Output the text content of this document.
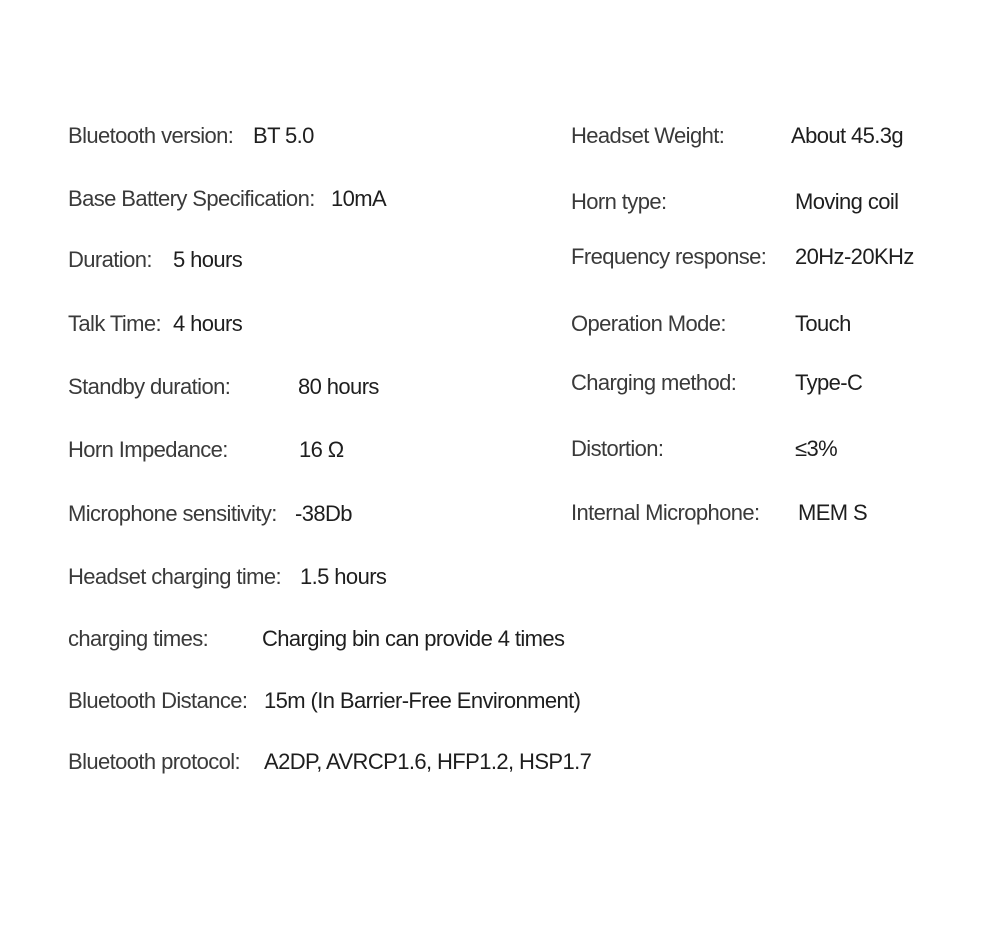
Bluetooth version: BT 5.0
Base Battery Specification: 10mA
Duration: 5 hours
Talk Time: 4 hours
Standby duration:	80 hours
Horn Impedance:	16 Ω
Microphone sensitivity: -38Db
Headset charging time: 1.5 hours
charging times: Charging bin can provide 4 times
Bluetooth Distance: 15m (In Barrier-Free Environment)
Bluetooth protocol: A2DP, AVRCP1.6, HFP1.2, HSP1.7
Headset Weight:	About 45.3g
Horn type:	Moving coil
Frequency response: 20Hz-20KHz
Operation Mode:	Touch
Charging method:	Type-C
Distortion:	≤3%
Internal Microphone: MEM S
